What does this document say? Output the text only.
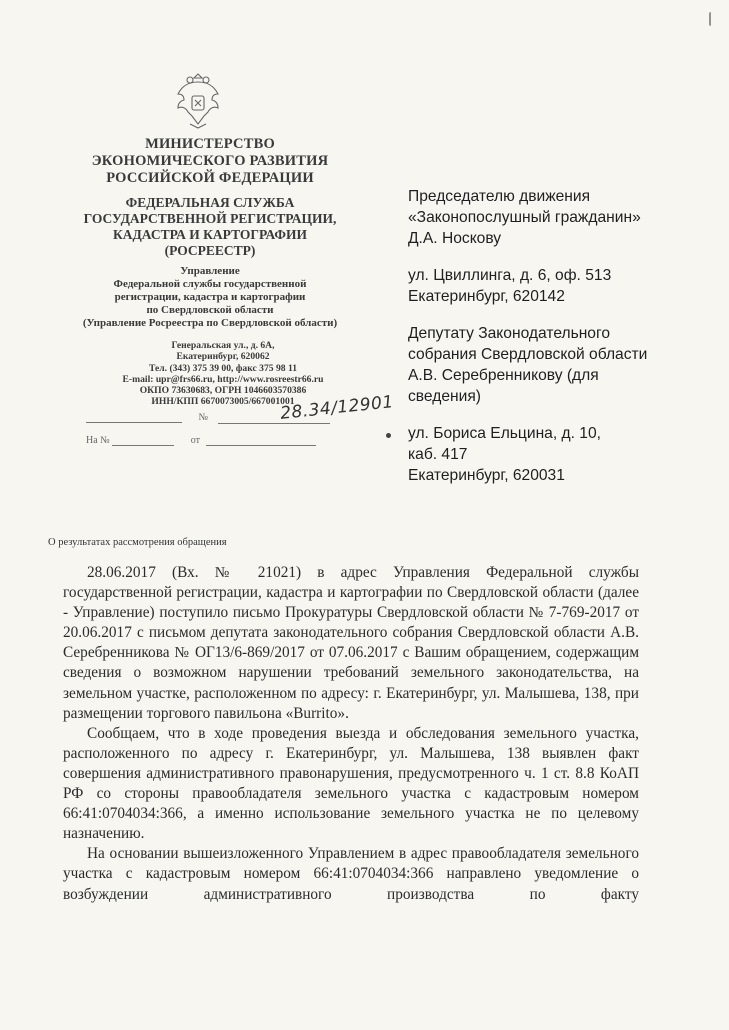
МИНИСТЕРСТВО
ЭКОНОМИЧЕСКОГО РАЗВИТИЯ
РОССИЙСКОЙ ФЕДЕРАЦИИ
ФЕДЕРАЛЬНАЯ СЛУЖБА
ГОСУДАРСТВЕННОЙ РЕГИСТРАЦИИ,
КАДАСТРА И КАРТОГРАФИИ
(РОСРЕЕСТР)
Управление
Федеральной службы государственной
регистрации, кадастра и картографии
по Свердловской области
(Управление Росреестра по Свердловской области)
Генеральская ул., д. 6А,
Екатеринбург, 620062
Тел. (343) 375 39 00, факс 375 98 11
E-mail: upr@frs66.ru, http://www.rosreestr66.ru
ОКПО 73630683, ОГРН 1046603570386
ИНН/КПП 6670073005/667001001
№	28.34/12901
На №	от
Председателю движения
«Законопослушный гражданин»
Д.А. Носкову
ул. Цвиллинга, д. 6, оф. 513
Екатеринбург, 620142
Депутату Законодательного
собрания Свердловской области
А.В. Серебренникову (для
сведения)
ул. Бориса Ельцина, д. 10,
каб. 417
Екатеринбург, 620031
О результатах рассмотрения обращения

28.06.2017 (Вх. № 21021) в адрес Управления Федеральной службы государственной регистрации, кадастра и картографии по Свердловской области (далее - Управление) поступило письмо Прокуратуры Свердловской области № 7-769-2017 от 20.06.2017 с письмом депутата законодательного собрания Свердловской области А.В. Серебренникова № ОГ13/6-869/2017 от 07.06.2017 с Вашим обращением, содержащим сведения о возможном нарушении требований земельного законодательства, на земельном участке, расположенном по адресу: г. Екатеринбург, ул. Малышева, 138, при размещении торгового павильона «Burrito».

Сообщаем, что в ходе проведения выезда и обследования земельного участка, расположенного по адресу г. Екатеринбург, ул. Малышева, 138 выявлен факт совершения административного правонарушения, предусмотренного ч. 1 ст. 8.8 КоАП РФ со стороны правообладателя земельного участка с кадастровым номером 66:41:0704034:366, а именно использование земельного участка не по целевому назначению.

На основании вышеизложенного Управлением в адрес правообладателя земельного участка с кадастровым номером 66:41:0704034:366 направлено уведомление о возбуждении административного производства по факту
